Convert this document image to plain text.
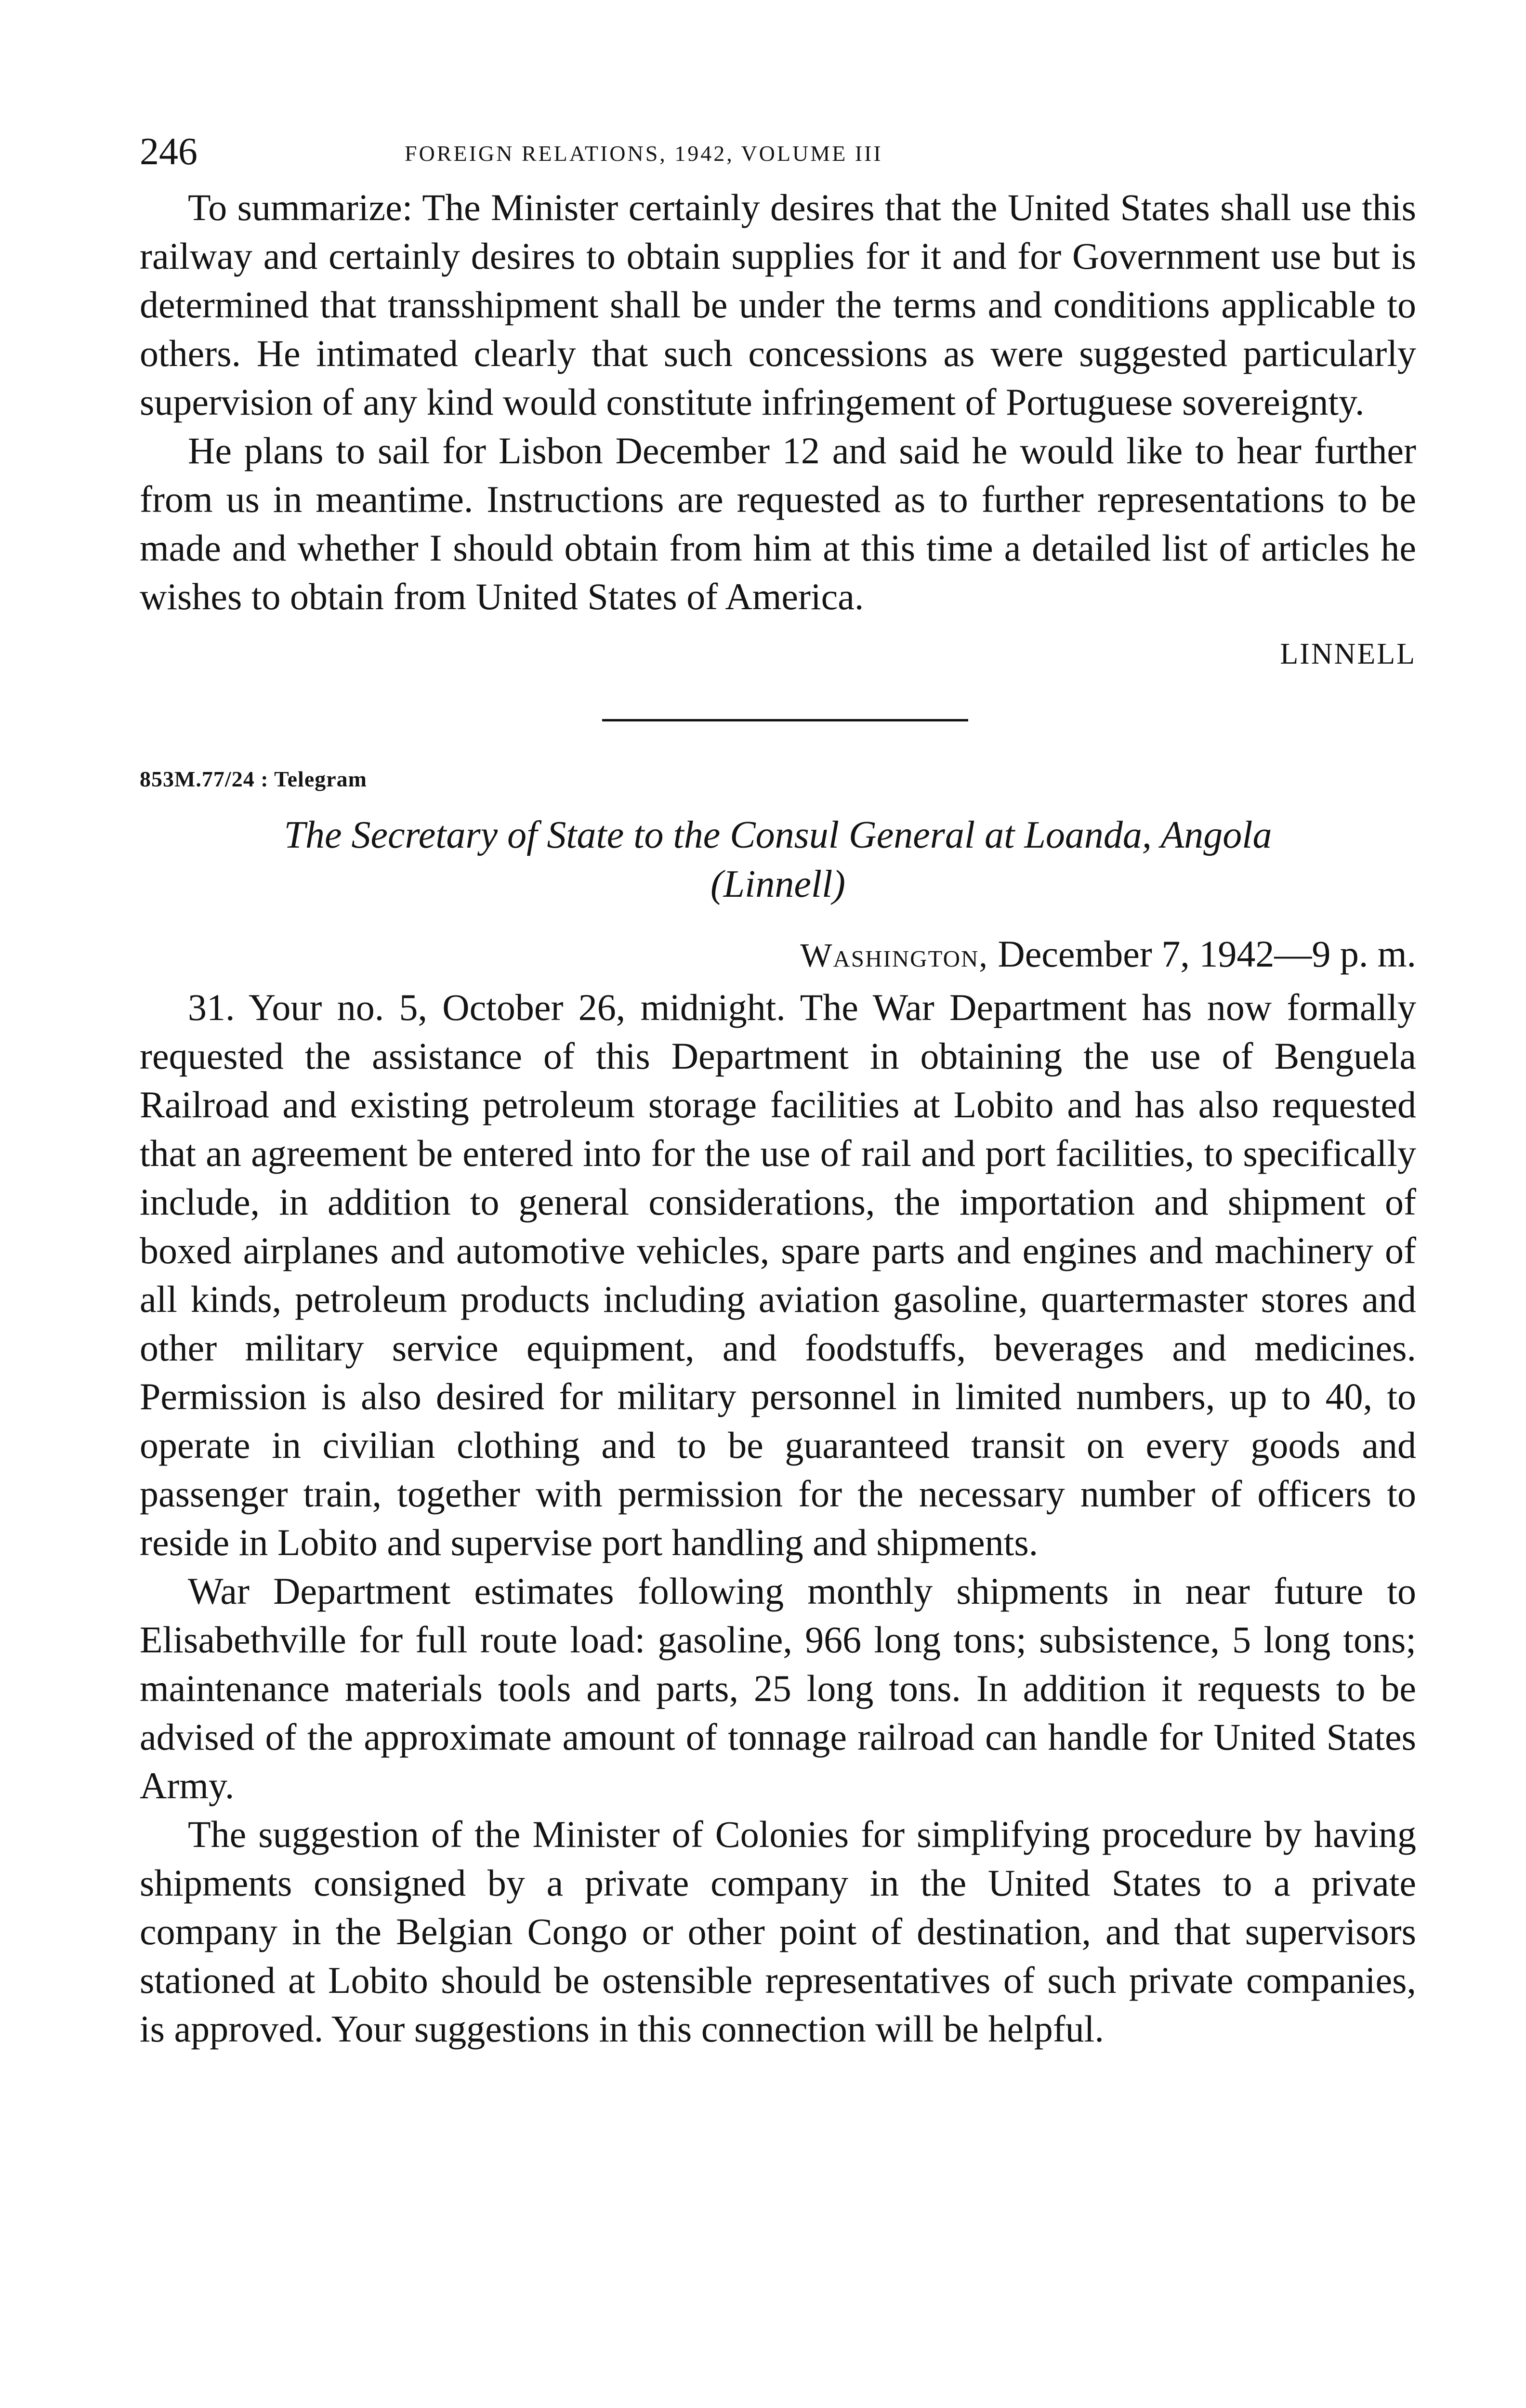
246	FOREIGN RELATIONS, 1942, VOLUME III

To summarize: The Minister certainly desires that the United States shall use this railway and certainly desires to obtain supplies for it and for Government use but is determined that transshipment shall be under the terms and conditions applicable to others. He intimated clearly that such concessions as were suggested particularly supervision of any kind would constitute infringement of Portuguese sovereignty.

He plans to sail for Lisbon December 12 and said he would like to hear further from us in meantime. Instructions are requested as to further representations to be made and whether I should obtain from him at this time a detailed list of articles he wishes to obtain from United States of America.

LINNELL
853M.77/24 : Telegram
The Secretary of State to the Consul General at Loanda, Angola
(Linnell)
Washington, December 7, 1942—9 p. m.

31. Your no. 5, October 26, midnight. The War Department has now formally requested the assistance of this Department in obtaining the use of Benguela Railroad and existing petroleum storage facilities at Lobito and has also requested that an agreement be entered into for the use of rail and port facilities, to specifically include, in addition to general considerations, the importation and shipment of boxed airplanes and automotive vehicles, spare parts and engines and machinery of all kinds, petroleum products including aviation gasoline, quartermaster stores and other military service equipment, and foodstuffs, beverages and medicines. Permission is also desired for military personnel in limited numbers, up to 40, to operate in civilian clothing and to be guaranteed transit on every goods and passenger train, together with permission for the necessary number of officers to reside in Lobito and supervise port handling and shipments.

War Department estimates following monthly shipments in near future to Elisabethville for full route load: gasoline, 966 long tons; subsistence, 5 long tons; maintenance materials tools and parts, 25 long tons. In addition it requests to be advised of the approximate amount of tonnage railroad can handle for United States Army.

The suggestion of the Minister of Colonies for simplifying procedure by having shipments consigned by a private company in the United States to a private company in the Belgian Congo or other point of destination, and that supervisors stationed at Lobito should be ostensible representatives of such private companies, is approved. Your suggestions in this connection will be helpful.
